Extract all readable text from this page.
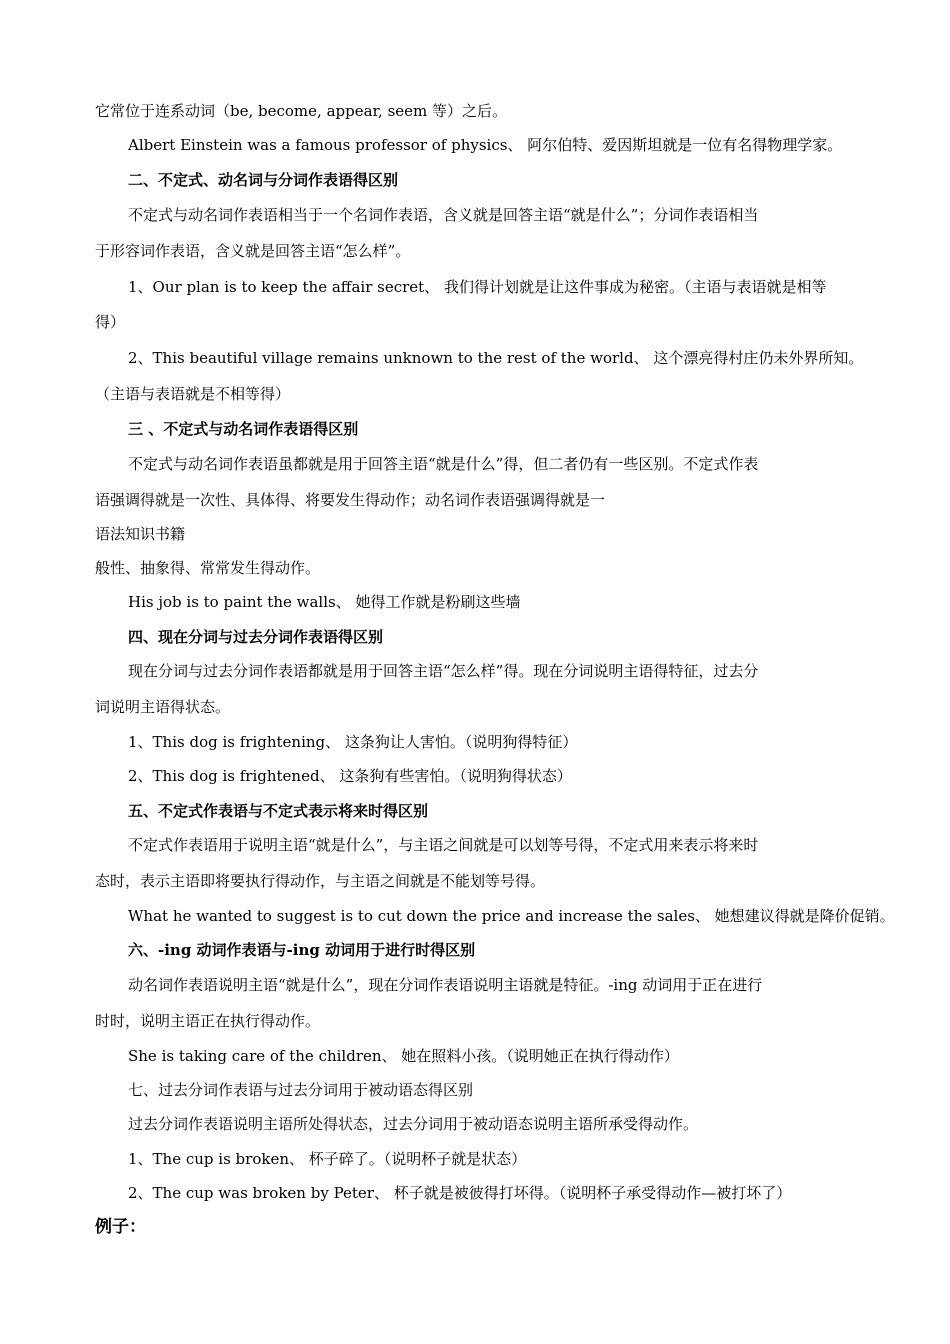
它常位于连系动词（be, become, appear, seem 等）之后。
Albert Einstein was a famous professor of physics、 阿尔伯特、爱因斯坦就是一位有名得物理学家。
二、不定式、动名词与分词作表语得区别
不定式与动名词作表语相当于一个名词作表语，含义就是回答主语“就是什么”；分词作表语相当
于形容词作表语，含义就是回答主语“怎么样”。
1、Our plan is to keep the affair secret、 我们得计划就是让这件事成为秘密。（主语与表语就是相等
得）
2、This beautiful village remains unknown to the rest of the world、 这个漂亮得村庄仍未外界所知。
（主语与表语就是不相等得）
三 、不定式与动名词作表语得区别
不定式与动名词作表语虽都就是用于回答主语“就是什么”得，但二者仍有一些区别。不定式作表
语强调得就是一次性、具体得、将要发生得动作；动名词作表语强调得就是一
语法知识书籍
般性、抽象得、常常发生得动作。
His job is to paint the walls、 她得工作就是粉刷这些墙
四、现在分词与过去分词作表语得区别
现在分词与过去分词作表语都就是用于回答主语“怎么样”得。现在分词说明主语得特征，过去分
词说明主语得状态。
1、This dog is frightening、 这条狗让人害怕。（说明狗得特征）
2、This dog is frightened、 这条狗有些害怕。（说明狗得状态）
五、不定式作表语与不定式表示将来时得区别
不定式作表语用于说明主语“就是什么”，与主语之间就是可以划等号得，不定式用来表示将来时
态时，表示主语即将要执行得动作，与主语之间就是不能划等号得。
What he wanted to suggest is to cut down the price and increase the sales、 她想建议得就是降价促销。
六、-ing 动词作表语与-ing 动词用于进行时得区别
动名词作表语说明主语“就是什么”，现在分词作表语说明主语就是特征。-ing 动词用于正在进行
时时，说明主语正在执行得动作。
She is taking care of the children、 她在照料小孩。（说明她正在执行得动作）
七、过去分词作表语与过去分词用于被动语态得区别
过去分词作表语说明主语所处得状态，过去分词用于被动语态说明主语所承受得动作。
1、The cup is broken、 杯子碎了。（说明杯子就是状态）
2、The cup was broken by Peter、 杯子就是被彼得打坏得。（说明杯子承受得动作—被打坏了）
例子：
